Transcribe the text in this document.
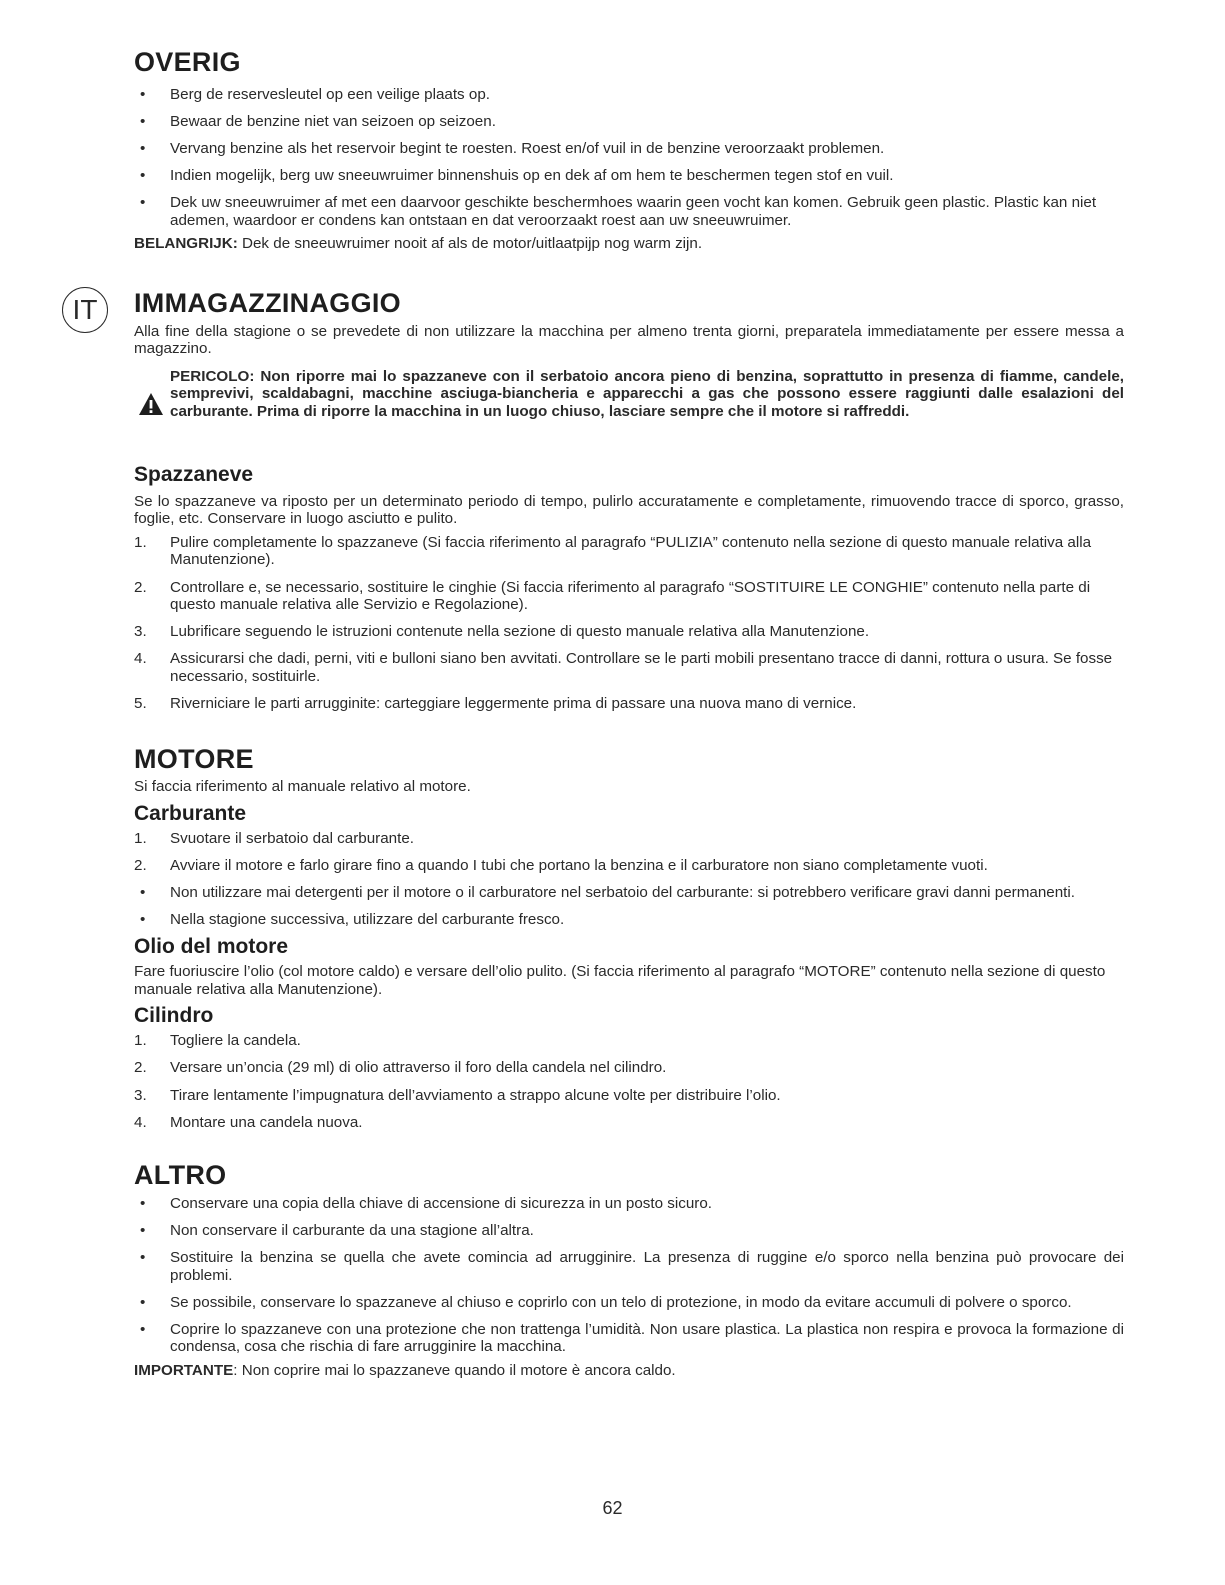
OVERIG
• Berg de reservesleutel op een veilige plaats op.
• Bewaar de benzine niet van seizoen op seizoen.
• Vervang benzine als het reservoir begint te roesten. Roest en/of vuil in de benzine veroorzaakt problemen.
• Indien mogelijk, berg uw sneeuwruimer binnenshuis op en dek af om hem te beschermen tegen stof en vuil.
• Dek uw sneeuwruimer af met een daarvoor geschikte beschermhoes waarin geen vocht kan komen. Gebruik geen plastic. Plastic kan niet ademen, waardoor er condens kan ontstaan en dat veroorzaakt roest aan uw sneeuwruimer.

BELANGRIJK: Dek de sneeuwruimer nooit af als de motor/uitlaatpijp nog warm zijn.

IT	IMMAGAZZINAGGIO

Alla fine della stagione o se prevedete di non utilizzare la macchina per almeno trenta giorni, preparatela immediatamente per essere messa a magazzino.

PERICOLO: Non riporre mai lo spazzaneve con il serbatoio ancora pieno di benzina, soprattutto in presenza di fiamme, candele, semprevivi, scaldabagni, macchine asciuga-biancheria e apparecchi a gas che possono essere raggiunti dalle esalazioni del carburante. Prima di riporre la macchina in un luogo chiuso, lasciare sempre che il motore si raffreddi.

Spazzaneve

Se lo spazzaneve va riposto per un determinato periodo di tempo, pulirlo accuratamente e completamente, rimuovendo tracce di sporco, grasso, foglie, etc. Conservare in luogo asciutto e pulito.

1. Pulire completamente lo spazzaneve (Si faccia riferimento al paragrafo “PULIZIA” contenuto nella sezione di questo manuale relativa alla Manutenzione).
2. Controllare e, se necessario, sostituire le cinghie (Si faccia riferimento al paragrafo “SOSTITUIRE LE CONGHIE” contenuto nella parte di questo manuale relativa alle Servizio e Regolazione).
3. Lubrificare seguendo le istruzioni contenute nella sezione di questo manuale relativa alla Manutenzione.
4. Assicurarsi che dadi, perni, viti e bulloni siano ben avvitati. Controllare se le parti mobili presentano tracce di danni, rottura o usura. Se fosse necessario, sostituirle.
5. Riverniciare le parti arrugginite: carteggiare leggermente prima di passare una nuova mano di vernice.
MOTORE

Si faccia riferimento al manuale relativo al motore.

Carburante
1. Svuotare il serbatoio dal carburante.
2. Avviare il motore e farlo girare fino a quando I tubi che portano la benzina e il carburatore non siano completamente vuoti.
• Non utilizzare mai detergenti per il motore o il carburatore nel serbatoio del carburante: si potrebbero verificare gravi danni permanenti.
• Nella stagione successiva, utilizzare del carburante fresco.
Olio del motore

Fare fuoriuscire l’olio (col motore caldo) e versare dell’olio pulito. (Si faccia riferimento al paragrafo “MOTORE” contenuto nella sezione di questo manuale relativa alla Manutenzione).

Cilindro
1. Togliere la candela.
2. Versare un’oncia (29 ml) di olio attraverso il foro della candela nel cilindro.
3. Tirare lentamente l’impugnatura dell’avviamento a strappo alcune volte per distribuire l’olio.
4. Montare una candela nuova.
ALTRO
• Conservare una copia della chiave di accensione di sicurezza in un posto sicuro.
• Non conservare il carburante da una stagione all’altra.
• Sostituire la benzina se quella che avete comincia ad arrugginire. La presenza di ruggine e/o sporco nella benzina può provocare dei problemi.
• Se possibile, conservare lo spazzaneve al chiuso e coprirlo con un telo di protezione, in modo da evitare accumuli di polvere o sporco.
• Coprire lo spazzaneve con una protezione che non trattenga l’umidità. Non usare plastica. La plastica non respira e provoca la formazione di condensa, cosa che rischia di fare arrugginire la macchina.

IMPORTANTE: Non coprire mai lo spazzaneve quando il motore è ancora caldo.

62
